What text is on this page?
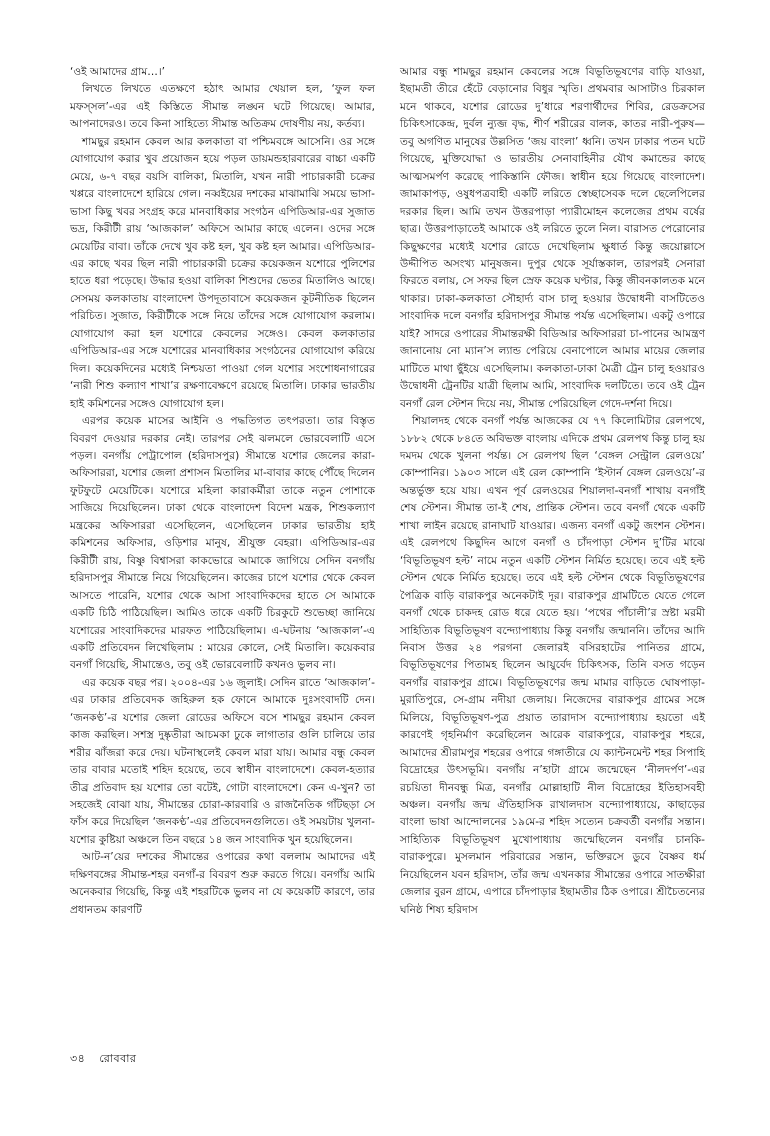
‘ওই আমাদের গ্রাম…।’

লিখতে লিখতে এতক্ষণে হঠাৎ আমার খেয়াল হল, ‘ফুল ফল মফস্সল’-এর এই কিস্তিতে সীমান্ত লঙ্ঘন ঘটে গিয়েছে। আমার, আপনাদেরও। তবে কিনা সাহিত্যে সীমান্ত অতিক্রম দোষণীয় নয়, কর্তব্য।

শামছুর রহমান কেবল আর কলকাতা বা পশ্চিমবঙ্গে আসেনি। ওর সঙ্গে যোগাযোগ করার খুব প্রয়োজন হয়ে পড়ল ডায়মন্ডহারবারের বাচ্চা একটি মেয়ে, ৬-৭ বছর বয়সি বালিকা, মিতালি, যখন নারী পাচারকারী চক্রের খপ্পরে বাংলাদেশে হারিয়ে গেল। নব্বইয়ের দশকের মাঝামাঝি সময়ে ভাসা-ভাসা কিছু খবর সংগ্রহ করে মানবাধিকার সংগঠন এপিডিআর-এর সুজাত ভদ্র, কিরীটী রায় ‘আজকাল’ অফিসে আমার কাছে এলেন। ওদের সঙ্গে মেয়েটির বাবা। তাঁকে দেখে খুব কষ্ট হল, খুব কষ্ট হল আমার। এপিডিআর-এর কাছে খবর ছিল নারী পাচারকারী চক্রের কয়েকজন যশোরে পুলিশের হাতে ধরা পড়েছে। উদ্ধার হওয়া বালিকা শিশুদের ভেতর মিতালিও আছে। সেসময় কলকাতায় বাংলাদেশ উপদূতাবাসে কয়েকজন কূটনীতিক ছিলেন পরিচিত। সুজাত, কিরীটীকে সঙ্গে নিয়ে তাঁদের সঙ্গে যোগাযোগ করলাম। যোগাযোগ করা হল যশোরে কেবলের সঙ্গেও। কেবল কলকাতার এপিডিআর-এর সঙ্গে যশোরের মানবাধিকার সংগঠনের যোগাযোগ করিয়ে দিল। কয়েকদিনের মধ্যেই নিশ্চয়তা পাওয়া গেল যশোর সংশোধনাগারের ‘নারী শিশু কল্যাণ শাখা’র রক্ষণাবেক্ষণে রয়েছে মিতালি। ঢাকার ভারতীয় হাই কমিশনের সঙ্গেও যোগাযোগ হল।

এরপর কয়েক মাসের আইনি ও পদ্ধতিগত তৎপরতা। তার বিস্তৃত বিবরণ দেওয়ার দরকার নেই। তারপর সেই ঝলমলে ভোরবেলাটি এসে পড়ল। বনগাঁয় পেট্রাপোল (হরিদাসপুর) সীমান্তে যশোর জেলের কারা-অফিসাররা, যশোর জেলা প্রশাসন মিতালির মা-বাবার কাছে পৌঁছে দিলেন ফুটফুটে মেয়েটিকে। যশোরে মহিলা কারাকর্মীরা তাকে নতুন পোশাকে সাজিয়ে দিয়েছিলেন। ঢাকা থেকে বাংলাদেশ বিদেশ মন্ত্রক, শিশুকল্যাণ মন্ত্রকের অফিসাররা এসেছিলেন, এসেছিলেন ঢাকার ভারতীয় হাই কমিশনের অফিসার, ওড়িশার মানুষ, শ্রীযুক্ত বেহরা। এপিডিআর-এর কিরীটী রায়, বিষ্ণু বিশ্বাসরা কাকভোরে আমাকে জাগিয়ে সেদিন বনগাঁয় হরিদাসপুর সীমান্তে নিয়ে গিয়েছিলেন। কাজের চাপে যশোর থেকে কেবল আসতে পারেনি, যশোর থেকে আসা সাংবাদিকদের হাতে সে আমাকে একটি চিঠি পাঠিয়েছিল। আমিও তাকে একটি চিরকুটে শুভেচ্ছা জানিয়ে যশোরের সাংবাদিকদের মারফত পাঠিয়েছিলাম। এ-ঘটনায় ‘আজকাল’-এ একটি প্রতিবেদন লিখেছিলাম : মায়ের কোলে, সেই মিতালি। কয়েকবার বনগাঁ গিয়েছি, সীমান্তেও, তবু ওই ভোরবেলাটি কখনও ভুলব না।

এর কয়েক বছর পর। ২০০৪-এর ১৬ জুলাই। সেদিন রাতে ‘আজকাল’-এর ঢাকার প্রতিবেদক জহিরুল হক ফোনে আমাকে দুঃসংবাদটি দেন। ‘জনকণ্ঠ’-র যশোর জেলা রোডের অফিসে বসে শামছুর রহমান কেবল কাজ করছিল। সশস্ত্র দুষ্কৃতীরা আচমকা ঢুকে লাগাতার গুলি চালিয়ে তার শরীর ঝাঁজরা করে দেয়। ঘটনাস্থলেই কেবল মারা যায়। আমার বন্ধু কেবল তার বাবার মতোই শহিদ হয়েছে, তবে স্বাধীন বাংলাদেশে। কেবল-হত্যার তীব্র প্রতিবাদ হয় যশোর তো বটেই, গোটা বাংলাদেশে। কেন এ-খুন? তা সহজেই বোঝা যায়, সীমান্তের চোরা-কারবারি ও রাজনৈতিক গাঁটছড়া সে ফাঁস করে দিয়েছিল ‘জনকণ্ঠ’-এর প্রতিবেদনগুলিতে। ওই সময়টায় খুলনা-যশোর কুষ্টিয়া অঞ্চলে তিন বছরে ১৪ জন সাংবাদিক খুন হয়েছিলেন।

আট-ন’য়ের দশকের সীমান্তের ওপারের কথা বললাম আমাদের এই দক্ষিণবঙ্গের সীমান্ত-শহর বনগাঁ-র বিবরণ শুরু করতে গিয়ে। বনগাঁয় আমি অনেকবার গিয়েছি, কিন্তু এই শহরটিকে ভুলব না যে কয়েকটি কারণে, তার প্রধানতম কারণটি

আমার বন্ধু শামছুর রহমান কেবলের সঙ্গে বিভূতিভূষণের বাড়ি যাওয়া, ইছামতী তীরে হেঁটে বেড়ানোর বিধুর স্মৃতি। প্রথমবার আসাটাও চিরকাল মনে থাকবে, যশোর রোডের দু’ধারে শরণার্থীদের শিবির, রেডক্রসের চিকিৎসাকেন্দ্র, দুর্বল ন্যুব্জ বৃদ্ধ, শীর্ণ শরীরের বালক, কাতর নারী-পুরুষ—তবু অগণিত মানুষের উল্লসিত ‘জয় বাংলা’ ধ্বনি। তখন ঢাকার পতন ঘটে গিয়েছে, মুক্তিযোদ্ধা ও ভারতীয় সেনাবাহিনীর যৌথ কমান্ডের কাছে আত্মসমর্পণ করেছে পাকিস্তানি ফৌজ। স্বাধীন হয়ে গিয়েছে বাংলাদেশ। জামাকাপড়, ওষুধপত্রবাহী একটি লরিতে স্বেচ্ছাসেবক দলে ছেলেপিলের দরকার ছিল। আমি তখন উত্তরপাড়া প্যারীমোহন কলেজের প্রথম বর্ষের ছাত্র। উত্তরপাড়াতেই আমাকে ওই লরিতে তুলে নিল। বারাসত পেরোনোর কিছুক্ষণের মধ্যেই যশোর রোডে দেখেছিলাম ক্ষুধার্ত কিন্তু জয়োল্লাসে উদ্দীপিত অসংখ্য মানুষজন। দুপুর থেকে সূর্যাস্তকাল, তারপরই সেনারা ফিরতে বলায়, সে সফর ছিল স্রেফ কয়েক ঘণ্টার, কিন্তু জীবনকালতক মনে থাকার। ঢাকা-কলকাতা সৌহার্দ্য বাস চালু হওয়ার উদ্বোধনী বাসটিতেও সাংবাদিক দলে বনগাঁর হরিদাসপুর সীমান্ত পর্যন্ত এসেছিলাম। একটু ওপারে যাই? সাদরে ওপারের সীমান্তরক্ষী বিডিআর অফিসাররা চা-পানের আমন্ত্রণ জানানোয় নো ম্যান’স ল্যান্ড পেরিয়ে বেনাপোলে আমার মায়ের জেলার মাটিতে মাথা ছুঁইয়ে এসেছিলাম। কলকাতা-ঢাকা মৈত্রী ট্রেন চালু হওয়ারও উদ্বোধনী ট্রেনটির যাত্রী ছিলাম আমি, সাংবাদিক দলটিতে। তবে ওই ট্রেন বনগাঁ রেল স্টেশন দিয়ে নয়, সীমান্ত পেরিয়েছিল গেদে-দর্শনা দিয়ে।

শিয়ালদহ থেকে বনগাঁ পর্যন্ত আজকের যে ৭৭ কিলোমিটার রেলপথে, ১৮৮২ থেকে ৮৪তে অবিভক্ত বাংলায় এদিকে প্রথম রেলপথ কিন্তু চালু হয় দমদম থেকে খুলনা পর্যন্ত। সে রেলপথ ছিল ‘বেঙ্গল সেন্ট্রাল রেলওয়ে’ কোম্পানির। ১৯০৩ সালে এই রেল কোম্পানি ‘ইস্টার্ন বেঙ্গল রেলওয়ে’-র অন্তর্ভুক্ত হয়ে যায়। এখন পূর্ব রেলওয়ের শিয়ালদা-বনগাঁ শাখায় বনগাঁই শেষ স্টেশন। সীমান্ত তা-ই শেষ, প্রান্তিক স্টেশন। তবে বনগাঁ থেকে একটি শাখা লাইন রয়েছে রানাঘাট যাওয়ার। এজন্য বনগাঁ একটু জংশন স্টেশন। এই রেলপথে কিছুদিন আগে বনগাঁ ও চাঁদপাড়া স্টেশন দু’টির মাঝে ‘বিভূতিভূষণ হল্ট’ নামে নতুন একটি স্টেশন নির্মিত হয়েছে। তবে এই হল্ট স্টেশন থেকে নির্মিত হয়েছে। তবে এই হল্ট স্টেশন থেকে বিভূতিভূষণের পৈত্রিক বাড়ি বারাকপুর অনেকটাই দূর। বারাকপুর গ্রামটিতে যেতে গেলে বনগাঁ থেকে চাকদহ রোড ধরে যেতে হয়। ‘পথের পাঁচালী’র স্রষ্টা মরমী সাহিত্যিক বিভূতিভূষণ বন্দ্যোপাধ্যায় কিন্তু বনগাঁয় জন্মাননি। তাঁদের আদি নিবাস উত্তর ২৪ পরগনা জেলারই বসিরহাটের পানিতর গ্রামে, বিভূতিভূষণের পিতামহ ছিলেন আয়ুর্বেদ চিকিৎসক, তিনি বসত গড়েন বনগাঁর বারাকপুর গ্রামে। বিভূতিভূষণের জন্ম মামার বাড়িতে ঘোষপাড়া-মুরাতিপুরে, সে-গ্রাম নদীয়া জেলায়। নিজেদের বারাকপুর গ্রামের সঙ্গে মিলিয়ে, বিভূতিভূষণ-পুত্র প্রয়াত তারাদাস বন্দ্যোপাধ্যায় হয়তো এই কারণেই গৃহনির্মাণ করেছিলেন আরেক বারাকপুরে, বারাকপুর শহরে, আমাদের শ্রীরামপুর শহরের ওপারে গঙ্গাতীরে যে ক্যান্টনমেন্ট শহর সিপাহি বিদ্রোহের উৎসভূমি। বনগাঁয় ন’হাটা গ্রামে জন্মেছেন ‘নীলদর্পণ’-এর রচয়িতা দীনবন্ধু মিত্র, বনগাঁর মোল্লাহাটি নীল বিদ্রোহের ইতিহাসবহী অঞ্চল। বনগাঁয় জন্ম ঐতিহাসিক রাখালদাস বন্দ্যোপাধ্যায়ে, কাছাড়ের বাংলা ভাষা আন্দোলনের ১৯মে-র শহিদ সত্যেন চক্রবর্তী বনগাঁর সন্তান। সাহিত্যিক বিভূতিভূষণ মুখোপাধ্যায় জন্মেছিলেন বনগাঁর চানকি-বারাকপুরে। মুসলমান পরিবারের সন্তান, ভক্তিরসে ডুবে বৈষ্ণব ধর্ম নিয়েছিলেন যবন হরিদাস, তাঁর জন্ম এখনকার সীমান্তের ওপারে সাতক্ষীরা জেলার বুরন গ্রামে, এপারে চাঁদপাড়ার ইছামতীর ঠিক ওপারে। শ্রীচৈতন্যের ঘনিষ্ঠ শিষ্য হরিদাস

৩৪ রোববার
